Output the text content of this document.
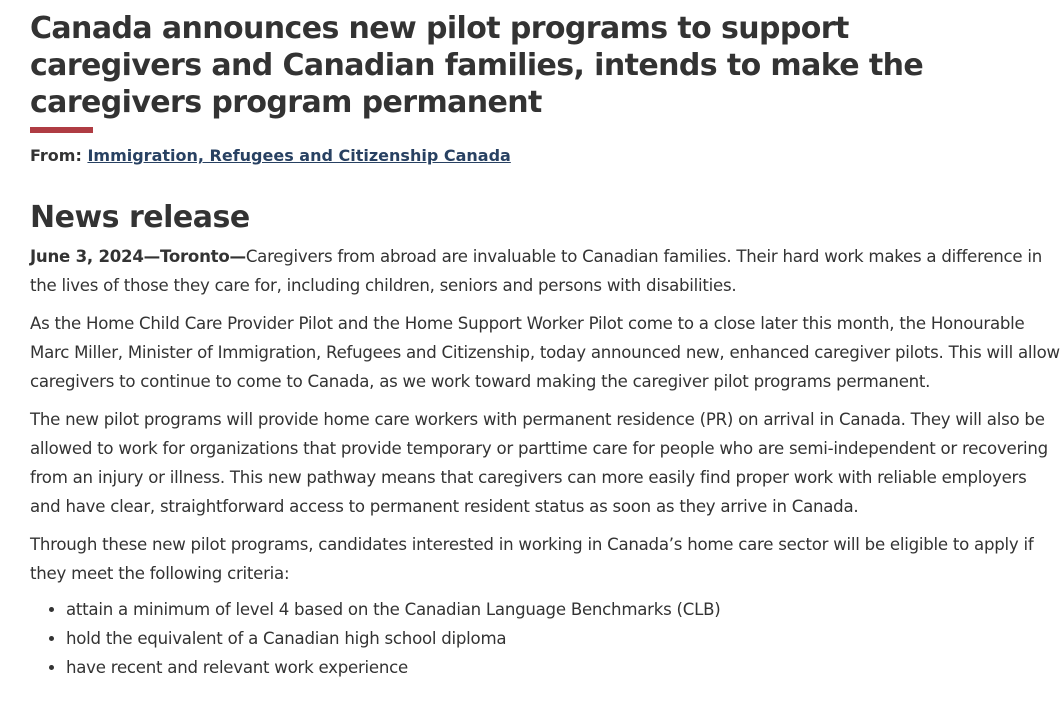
Canada announces new pilot programs to support caregivers and Canadian families, intends to make the caregivers program permanent
From: Immigration, Refugees and Citizenship Canada
News release

June 3, 2024—Toronto—Caregivers from abroad are invaluable to Canadian families. Their hard work makes a difference in the lives of those they care for, including children, seniors and persons with disabilities.

As the Home Child Care Provider Pilot and the Home Support Worker Pilot come to a close later this month, the Honourable Marc Miller, Minister of Immigration, Refugees and Citizenship, today announced new, enhanced caregiver pilots. This will allow caregivers to continue to come to Canada, as we work toward making the caregiver pilot programs permanent.

The new pilot programs will provide home care workers with permanent residence (PR) on arrival in Canada. They will also be allowed to work for organizations that provide temporary or parttime care for people who are semi-independent or recovering from an injury or illness. This new pathway means that caregivers can more easily find proper work with reliable employers and have clear, straightforward access to permanent resident status as soon as they arrive in Canada.

Through these new pilot programs, candidates interested in working in Canada’s home care sector will be eligible to apply if they meet the following criteria:

• attain a minimum of level 4 based on the Canadian Language Benchmarks (CLB)
• hold the equivalent of a Canadian high school diploma
• have recent and relevant work experience
